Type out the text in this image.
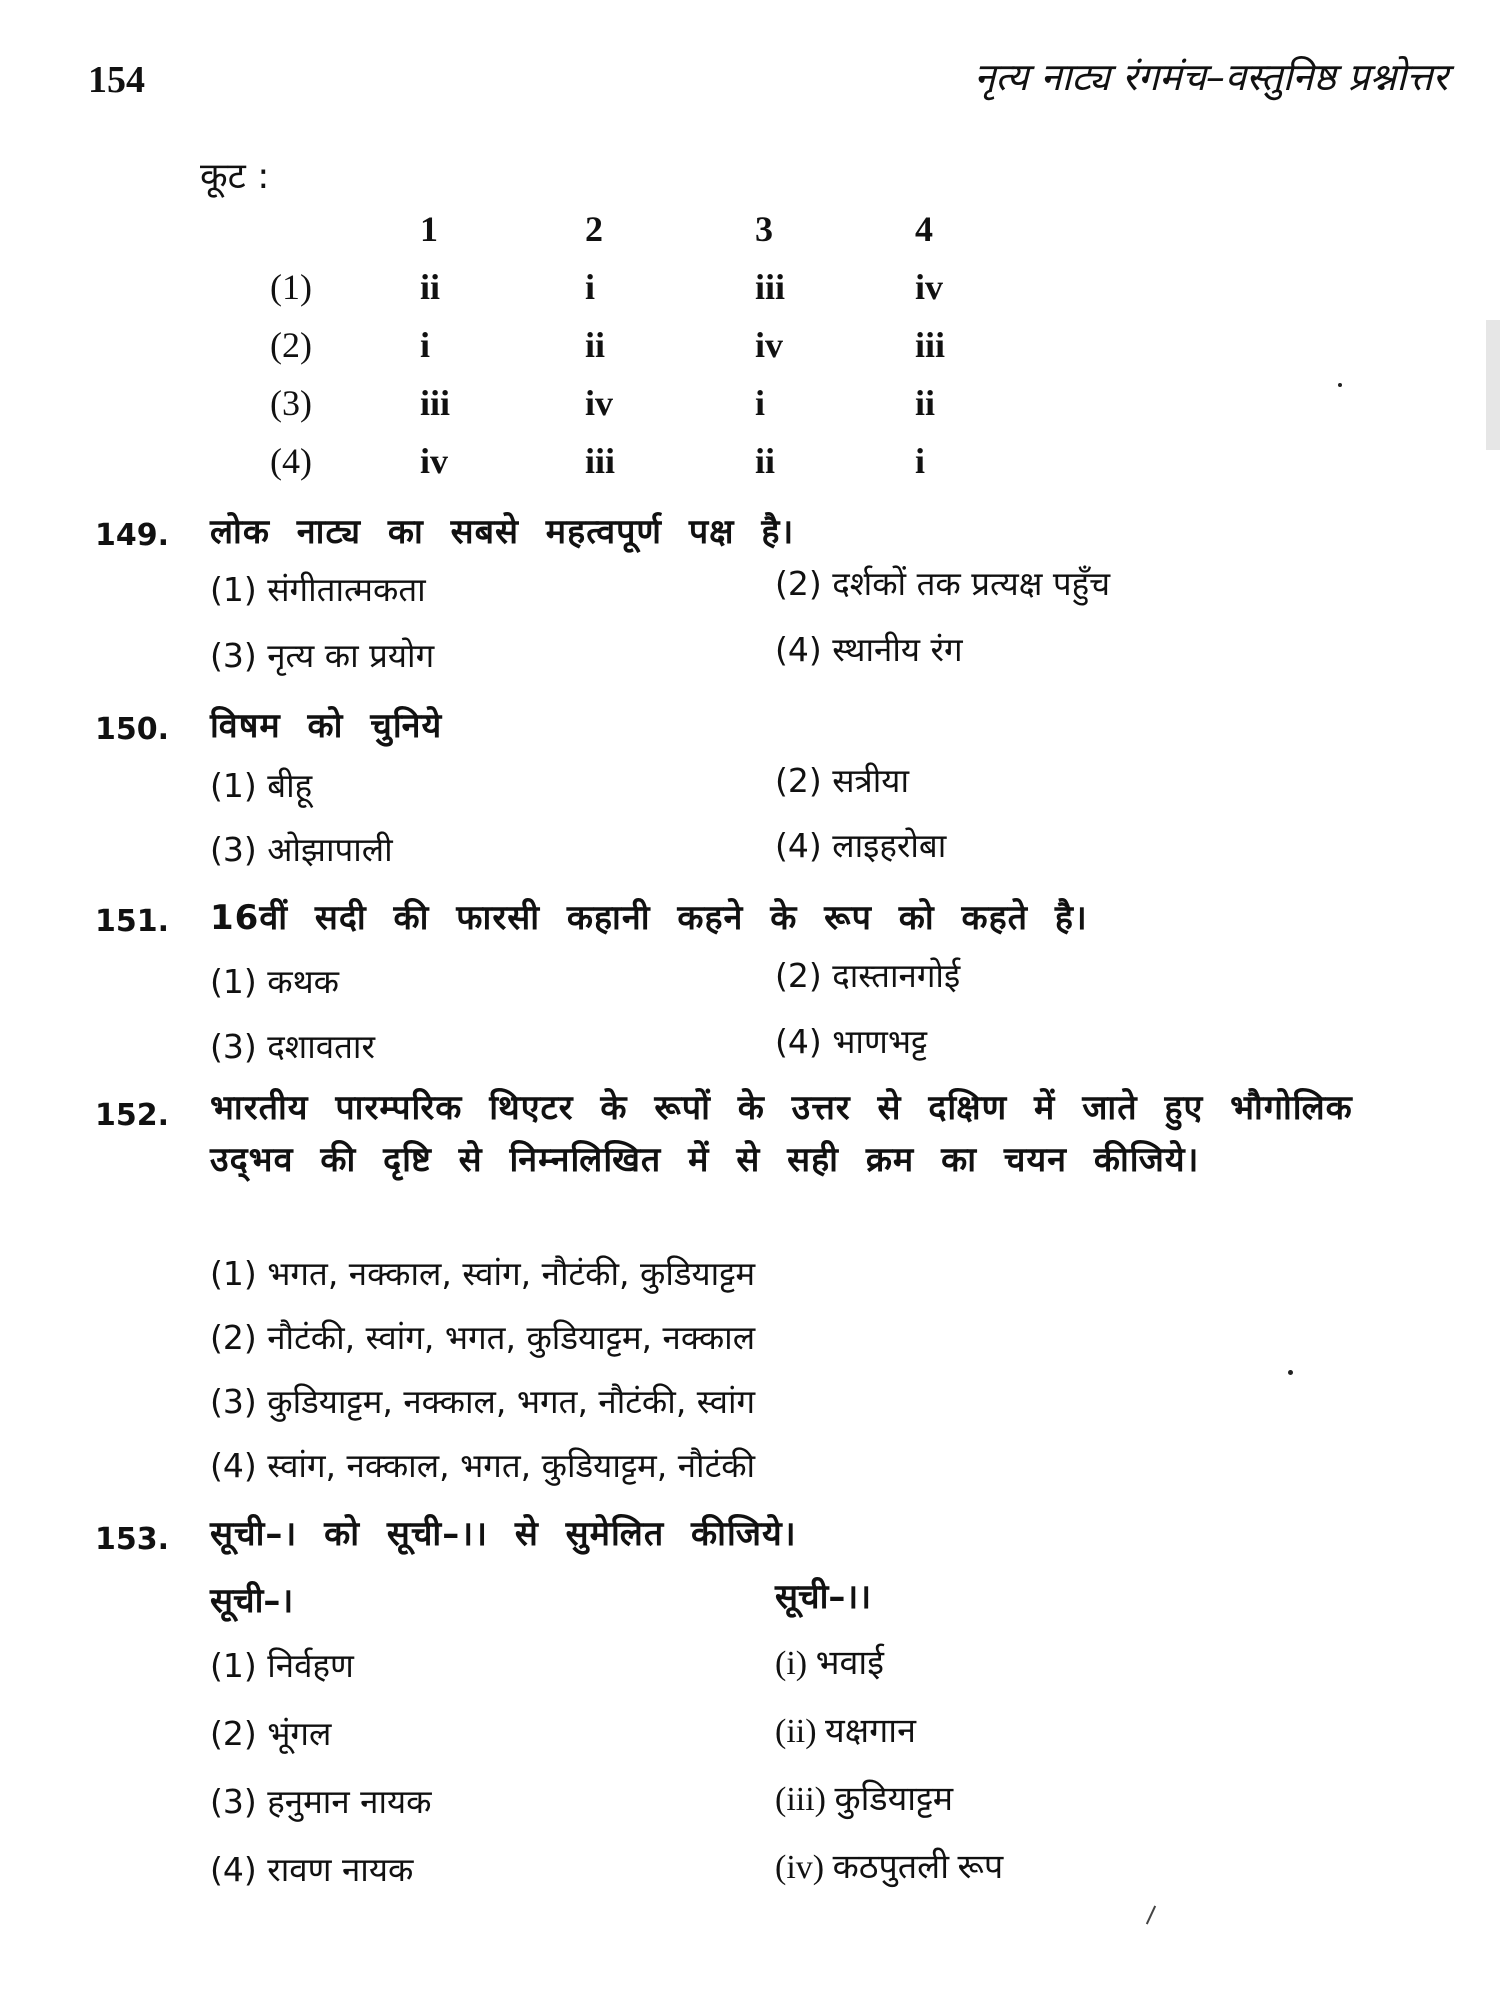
154	नृत्य नाट्य रंगमंच–वस्तुनिष्ठ प्रश्नोत्तर
कूट :
	1	2	3	4
(1)	ii	i	iii	iv
(2)	i	ii	iv	iii
(3)	iii	iv	i	ii
(4)	iv	iii	ii	i
149. लोक नाट्य का सबसे महत्वपूर्ण पक्ष है।
(1) संगीतात्मकता	(2) दर्शकों तक प्रत्यक्ष पहुँच
(3) नृत्य का प्रयोग	(4) स्थानीय रंग
150. विषम को चुनिये
(1) बीहू	(2) सत्रीया
(3) ओझापाली	(4) लाइहरोबा
151. 16वीं सदी की फारसी कहानी कहने के रूप को कहते है।
(1) कथक	(2) दास्तानगोई
(3) दशावतार	(4) भाणभट्ट
152. भारतीय पारम्परिक थिएटर के रूपों के उत्तर से दक्षिण में जाते हुए भौगोलिक उद्‌भव की दृष्टि से निम्नलिखित में से सही क्रम का चयन कीजिये।
(1) भगत, नक्काल, स्वांग, नौटंकी, कुडियाट्टम
(2) नौटंकी, स्वांग, भगत, कुडियाट्टम, नक्काल
(3) कुडियाट्टम, नक्काल, भगत, नौटंकी, स्वांग
(4) स्वांग, नक्काल, भगत, कुडियाट्टम, नौटंकी
153. सूची–। को सूची–।। से सुमेलित कीजिये।
सूची–।	सूची–।।
(1) निर्वहण	(i) भवाई
(2) भूंगल	(ii) यक्षगान
(3) हनुमान नायक	(iii) कुडियाट्टम
(4) रावण नायक	(iv) कठपुतली रूप
